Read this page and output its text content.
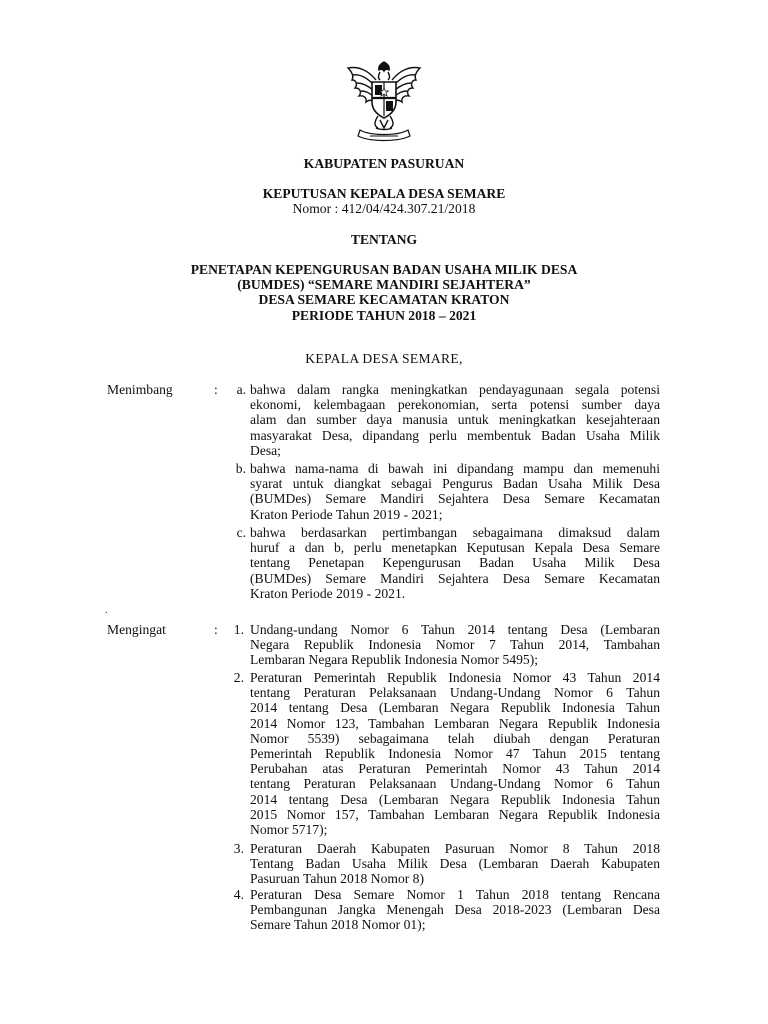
KABUPATEN PASURUAN
KEPUTUSAN KEPALA DESA SEMARE
Nomor : 412/04/424.307.21/2018
TENTANG
PENETAPAN KEPENGURUSAN BADAN USAHA MILIK DESA
(BUMDES) “SEMARE MANDIRI SEJAHTERA”
DESA SEMARE KECAMATAN KRATON
PERIODE TAHUN 2018 – 2021
KEPALA DESA SEMARE,
Menimbang	:	a. bahwa dalam rangka meningkatkan pendayagunaan segala potensi
ekonomi, kelembagaan perekonomian, serta potensi sumber daya
alam dan sumber daya manusia untuk meningkatkan kesejahteraan
masyarakat Desa, dipandang perlu membentuk Badan Usaha Milik
Desa;
b. bahwa nama-nama di bawah ini dipandang mampu dan memenuhi
syarat untuk diangkat sebagai Pengurus Badan Usaha Milik Desa
(BUMDes) Semare Mandiri Sejahtera Desa Semare Kecamatan
Kraton Periode Tahun 2019 - 2021;
c. bahwa berdasarkan pertimbangan sebagaimana dimaksud dalam
huruf a dan b, perlu menetapkan Keputusan Kepala Desa Semare
tentang Penetapan Kepengurusan Badan Usaha Milik Desa
(BUMDes) Semare Mandiri Sejahtera Desa Semare Kecamatan
Kraton Periode 2019 - 2021.
.
Mengingat	:	1. Undang-undang Nomor 6 Tahun 2014 tentang Desa (Lembaran
Negara Republik Indonesia Nomor 7 Tahun 2014, Tambahan
Lembaran Negara Republik Indonesia Nomor 5495);
2. Peraturan Pemerintah Republik Indonesia Nomor 43 Tahun 2014
tentang Peraturan Pelaksanaan Undang-Undang Nomor 6 Tahun
2014 tentang Desa (Lembaran Negara Republik Indonesia Tahun
2014 Nomor 123, Tambahan Lembaran Negara Republik Indonesia
Nomor 5539) sebagaimana telah diubah dengan Peraturan
Pemerintah Republik Indonesia Nomor 47 Tahun 2015 tentang
Perubahan atas Peraturan Pemerintah Nomor 43 Tahun 2014
tentang Peraturan Pelaksanaan Undang-Undang Nomor 6 Tahun
2014 tentang Desa (Lembaran Negara Republik Indonesia Tahun
2015 Nomor 157, Tambahan Lembaran Negara Republik Indonesia
Nomor 5717);
3. Peraturan Daerah Kabupaten Pasuruan Nomor 8 Tahun 2018
Tentang Badan Usaha Milik Desa (Lembaran Daerah Kabupaten
Pasuruan Tahun 2018 Nomor 8)
4. Peraturan Desa Semare Nomor 1 Tahun 2018 tentang Rencana
Pembangunan Jangka Menengah Desa 2018-2023 (Lembaran Desa
Semare Tahun 2018 Nomor 01);
